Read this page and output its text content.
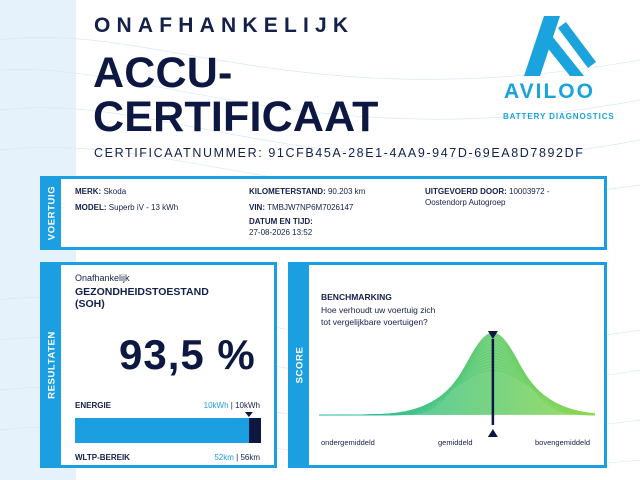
ONAFHANKELIJK
ACCU-
CERTIFICAAT
CERTIFICAATNUMMER: 91CFB45A-28E1-4AA9-947D-69EA8D7892DF
AVILOO
BATTERY DIAGNOSTICS
VOERTUIG MERK: Skoda
MODEL: Superb iV - 13 kWh
KILOMETERSTAND: 90.203 km
VIN: TMBJW7NP6M7026147
DATUM EN TIJD:
27-08-2026 13:52
UITGEVOERD DOOR: 10003972 -
Oostendorp Autogroep
RESULTATEN
Onafhankelijk
GEZONDHEIDSTOESTAND
(SOH)
93,5 %
ENERGIE	10kWh | 10kWh
WLTP-BEREIK	52km | 56km
SCORE
BENCHMARKING
Hoe verhoudt uw voertuig zich tot vergelijkbare voertuigen?
ondergemiddeld	gemiddeld	bovengemiddeld
